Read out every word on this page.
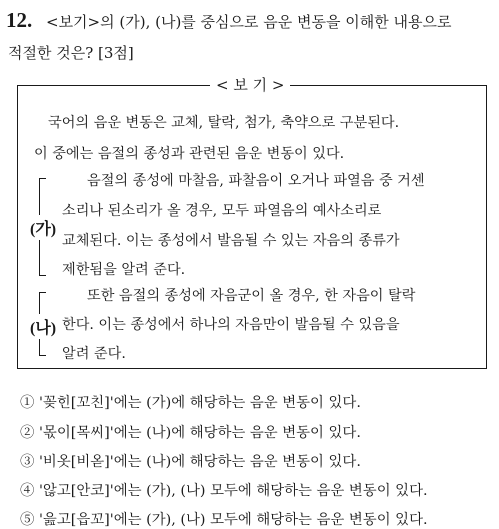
12. <보기>의 (가), (나)를 중심으로 음운 변동을 이해한 내용으로
적절한 것은? [3점]
< 보 기 >
국어의 음운 변동은 교체, 탈락, 첨가, 축약으로 구분된다.
이 중에는 음절의 종성과 관련된 음운 변동이 있다.
(가)
음절의 종성에 마찰음, 파찰음이 오거나 파열음 중 거센
소리나 된소리가 올 경우, 모두 파열음의 예사소리로
교체된다. 이는 종성에서 발음될 수 있는 자음의 종류가
제한됨을 알려 준다.
(나)
또한 음절의 종성에 자음군이 올 경우, 한 자음이 탈락
한다. 이는 종성에서 하나의 자음만이 발음될 수 있음을
알려 준다.
① '꽂힌[꼬친]'에는 (가)에 해당하는 음운 변동이 있다.
② '몫이[목씨]'에는 (나)에 해당하는 음운 변동이 있다.
③ '비옷[비옫]'에는 (나)에 해당하는 음운 변동이 있다.
④ '않고[안코]'에는 (가), (나) 모두에 해당하는 음운 변동이 있다.
⑤ '읊고[읍꼬]'에는 (가), (나) 모두에 해당하는 음운 변동이 있다.
